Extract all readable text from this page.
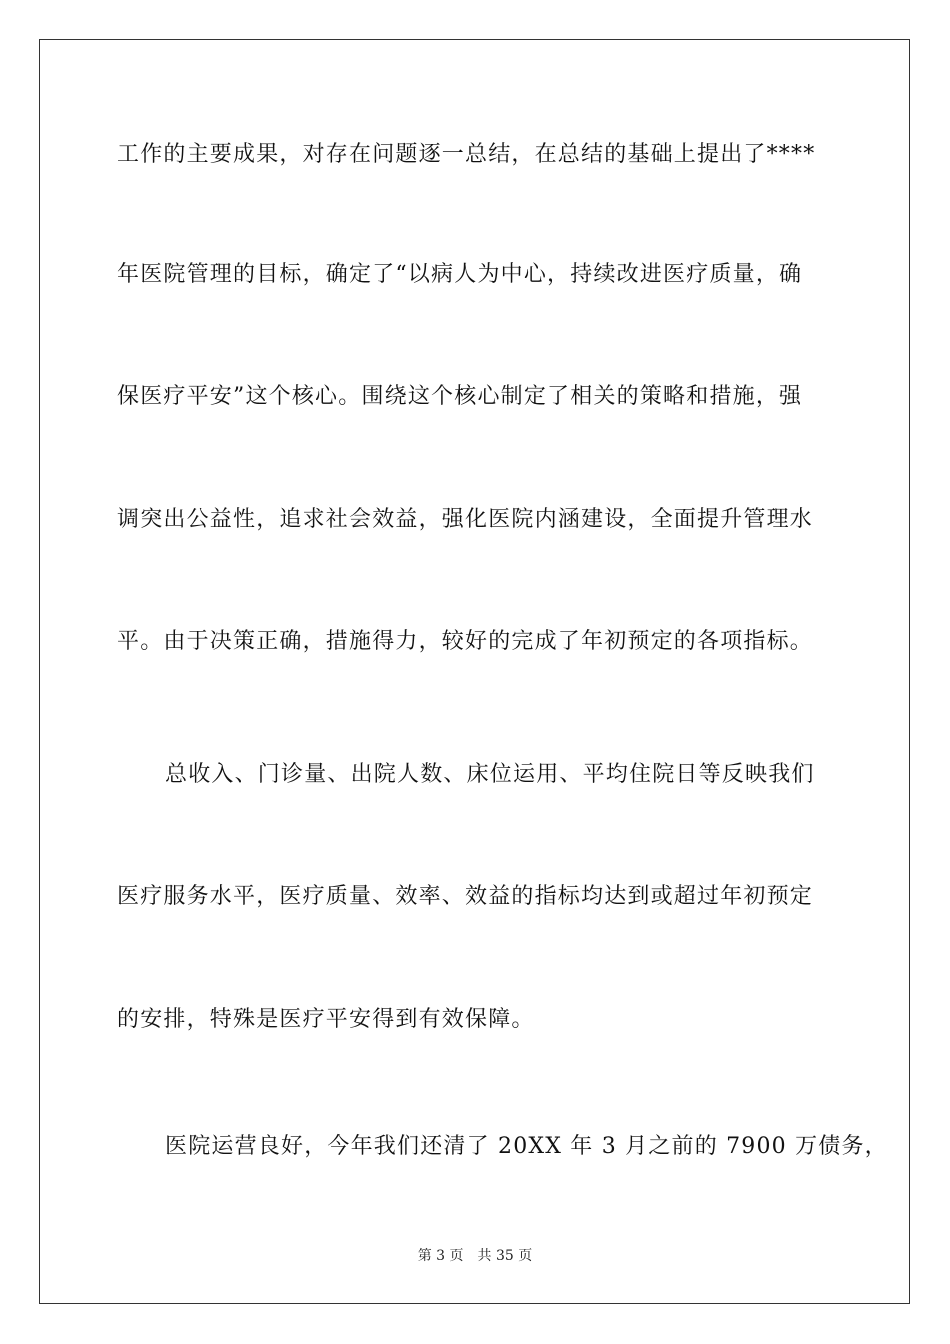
工作的主要成果，对存在问题逐一总结，在总结的基础上提出了****
年医院管理的目标，确定了“以病人为中心，持续改进医疗质量，确
保医疗平安”这个核心。围绕这个核心制定了相关的策略和措施，强
调突出公益性，追求社会效益，强化医院内涵建设，全面提升管理水
平。由于决策正确，措施得力，较好的完成了年初预定的各项指标。
总收入、门诊量、出院人数、床位运用、平均住院日等反映我们
医疗服务水平，医疗质量、效率、效益的指标均达到或超过年初预定
的安排，特殊是医疗平安得到有效保障。
医院运营良好，今年我们还清了 20XX 年 3 月之前的 7900 万债务，
第 3 页 共 35 页
